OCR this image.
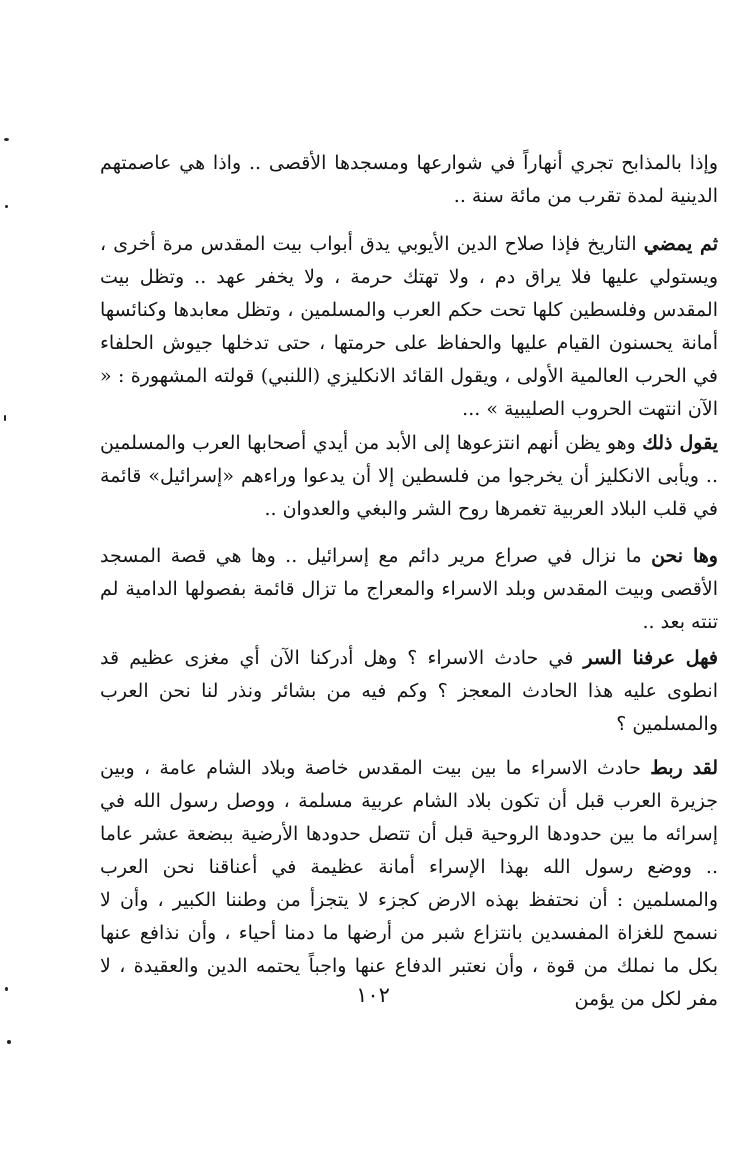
وإذا بالمذابح تجري أنهاراً في شوارعها ومسجدها الأقصى .. واذا هي عاصمتهم الدينية لمدة تقرب من مائة سنة ..

ثم يمضي التاريخ فإذا صلاح الدين الأيوبي يدق أبواب بيت المقدس مرة أخرى ، ويستولي عليها فلا يراق دم ، ولا تهتك حرمة ، ولا يخفر عهد .. وتظل بيت المقدس وفلسطين كلها تحت حكم العرب والمسلمين ، وتظل معابدها وكنائسها أمانة يحسنون القيام عليها والحفاظ على حرمتها ، حتى تدخلها جيوش الحلفاء في الحرب العالمية الأولى ، ويقول القائد الانكليزي (اللنبي) قولته المشهورة : « الآن انتهت الحروب الصليبية » ...

يقول ذلك وهو يظن أنهم انتزعوها إلى الأبد من أيدي أصحابها العرب والمسلمين .. ويأبى الانكليز أن يخرجوا من فلسطين إلا أن يدعوا وراءهم «إسرائيل» قائمة في قلب البلاد العربية تغمرها روح الشر والبغي والعدوان ..

وها نحن ما نزال في صراع مرير دائم مع إسرائيل .. وها هي قصة المسجد الأقصى وبيت المقدس وبلد الاسراء والمعراج ما تزال قائمة بفصولها الدامية لم تنته بعد ..

فهل عرفنا السر في حادث الاسراء ؟ وهل أدركنا الآن أي مغزى عظيم قد انطوى عليه هذا الحادث المعجز ؟ وكم فيه من بشائر ونذر لنا نحن العرب والمسلمين ؟

لقد ربط حادث الاسراء ما بين بيت المقدس خاصة وبلاد الشام عامة ، وبين جزيرة العرب قبل أن تكون بلاد الشام عربية مسلمة ، ووصل رسول الله في إسرائه ما بين حدودها الروحية قبل أن تتصل حدودها الأرضية ببضعة عشر عاما .. ووضع رسول الله بهذا الإسراء أمانة عظيمة في أعناقنا نحن العرب والمسلمين : أن نحتفظ بهذه الارض كجزء لا يتجزأ من وطننا الكبير ، وأن لا نسمح للغزاة المفسدين بانتزاع شبر من أرضها ما دمنا أحياء ، وأن نذافع عنها بكل ما نملك من قوة ، وأن نعتبر الدفاع عنها واجباً يحتمه الدين والعقيدة ، لا مفر لكل من يؤمن

١٠٢
